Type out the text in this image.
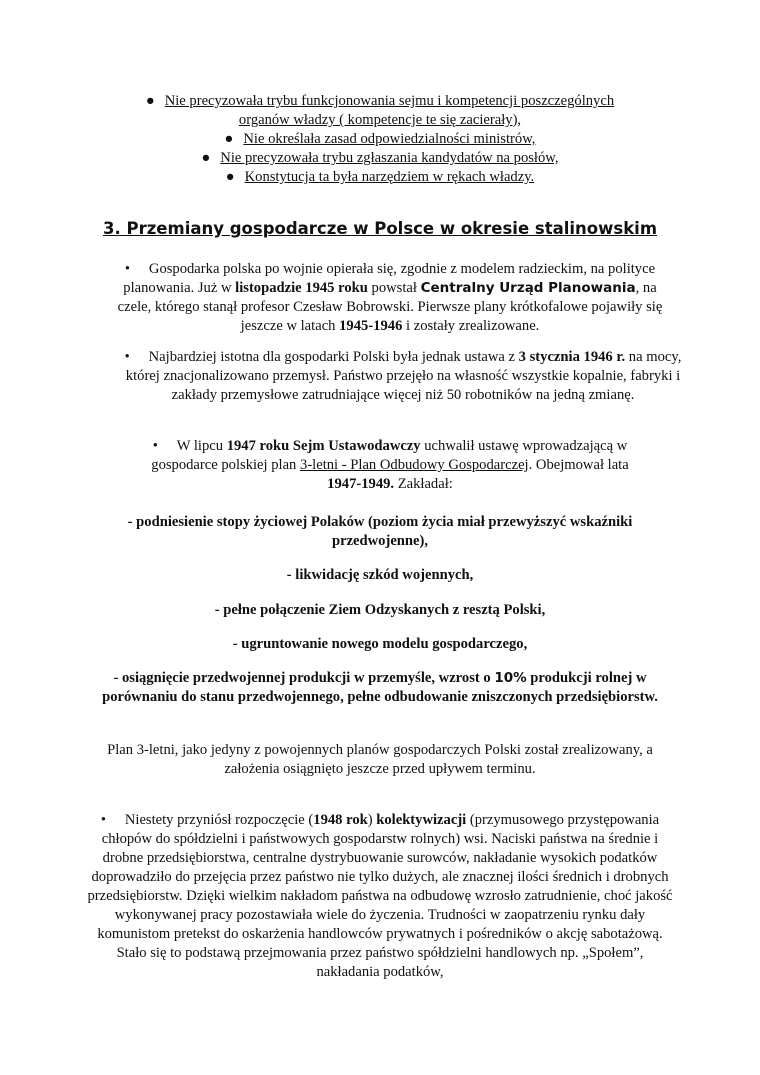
● Nie precyzowała trybu funkcjonowania sejmu i kompetencji poszczególnych organów władzy ( kompetencje te się zacierały),
● Nie określała zasad odpowiedzialności ministrów,
● Nie precyzowała trybu zgłaszania kandydatów na posłów,
● Konstytucja ta była narzędziem w rękach władzy.
3. Przemiany gospodarcze w Polsce w okresie stalinowskim

• Gospodarka polska po wojnie opierała się, zgodnie z modelem radzieckim, na polityce planowania. Już w listopadzie 1945 roku powstał Centralny Urząd Planowania, na czele, którego stanął profesor Czesław Bobrowski. Pierwsze plany krótkofalowe pojawiły się jeszcze w latach 1945-1946 i zostały zrealizowane.

• Najbardziej istotna dla gospodarki Polski była jednak ustawa z 3 stycznia 1946 r. na mocy, której znacjonalizowano przemysł. Państwo przejęło na własność wszystkie kopalnie, fabryki i zakłady przemysłowe zatrudniające więcej niż 50 robotników na jedną zmianę.

• W lipcu 1947 roku Sejm Ustawodawczy uchwalił ustawę wprowadzającą w gospodarce polskiej plan 3-letni - Plan Odbudowy Gospodarczej. Obejmował lata 1947-1949. Zakładał:

- podniesienie stopy życiowej Polaków (poziom życia miał przewyższyć wskaźniki przedwojenne),

- likwidację szkód wojennych,

- pełne połączenie Ziem Odzyskanych z resztą Polski,

- ugruntowanie nowego modelu gospodarczego,

- osiągnięcie przedwojennej produkcji w przemyśle, wzrost o 10% produkcji rolnej w porównaniu do stanu przedwojennego, pełne odbudowanie zniszczonych przedsiębiorstw.

Plan 3-letni, jako jedyny z powojennych planów gospodarczych Polski został zrealizowany, a założenia osiągnięto jeszcze przed upływem terminu.

• Niestety przyniósł rozpoczęcie (1948 rok) kolektywizacji (przymusowego przystępowania chłopów do spółdzielni i państwowych gospodarstw rolnych) wsi. Naciski państwa na średnie i drobne przedsiębiorstwa, centralne dystrybuowanie surowców, nakładanie wysokich podatków doprowadziło do przejęcia przez państwo nie tylko dużych, ale znacznej ilości średnich i drobnych przedsiębiorstw. Dzięki wielkim nakładom państwa na odbudowę wzrosło zatrudnienie, choć jakość wykonywanej pracy pozostawiała wiele do życzenia. Trudności w zaopatrzeniu rynku dały komunistom pretekst do oskarżenia handlowców prywatnych i pośredników o akcję sabotażową. Stało się to podstawą przejmowania przez państwo spółdzielni handlowych np. „Społem”, nakładania podatków,
